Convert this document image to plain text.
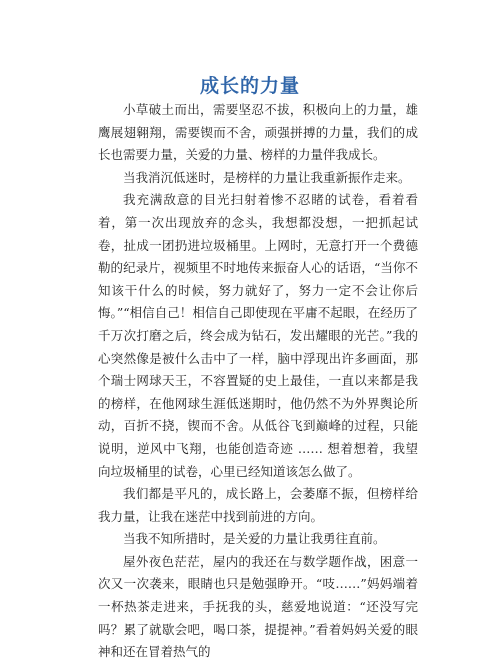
成长的力量

小草破土而出，需要坚忍不拔，积极向上的力量，雄鹰展翅翱翔，需要锲而不舍，顽强拼搏的力量，我们的成长也需要力量，关爱的力量、榜样的力量伴我成长。

当我消沉低迷时，是榜样的力量让我重新振作走来。

我充满敌意的目光扫射着惨不忍睹的试卷，看着看着，第一次出现放弃的念头，我想都没想，一把抓起试卷，扯成一团扔进垃圾桶里。上网时，无意打开一个费德勒的纪录片，视频里不时地传来振奋人心的话语，“当你不知该干什么的时候，努力就好了，努力一定不会让你后悔。”“相信自己！相信自己即使现在平庸不起眼，在经历了千万次打磨之后，终会成为钻石，发出耀眼的光芒。”我的心突然像是被什么击中了一样，脑中浮现出许多画面，那个瑞士网球天王，不容置疑的史上最佳，一直以来都是我的榜样，在他网球生涯低迷期时，他仍然不为外界舆论所动，百折不挠，锲而不舍。从低谷飞到巅峰的过程，只能说明，逆风中飞翔，也能创造奇迹 …… 想着想着，我望向垃圾桶里的试卷，心里已经知道该怎么做了。

我们都是平凡的，成长路上，会萎靡不振，但榜样给我力量，让我在迷茫中找到前进的方向。

当我不知所措时，是关爱的力量让我勇往直前。

屋外夜色茫茫，屋内的我还在与数学题作战，困意一次又一次袭来，眼睛也只是勉强睁开。“吱……”妈妈端着一杯热茶走进来，手抚我的头，慈爱地说道：“还没写完吗？累了就歇会吧，喝口茶，提提神。”看着妈妈关爱的眼神和还在冒着热气的
